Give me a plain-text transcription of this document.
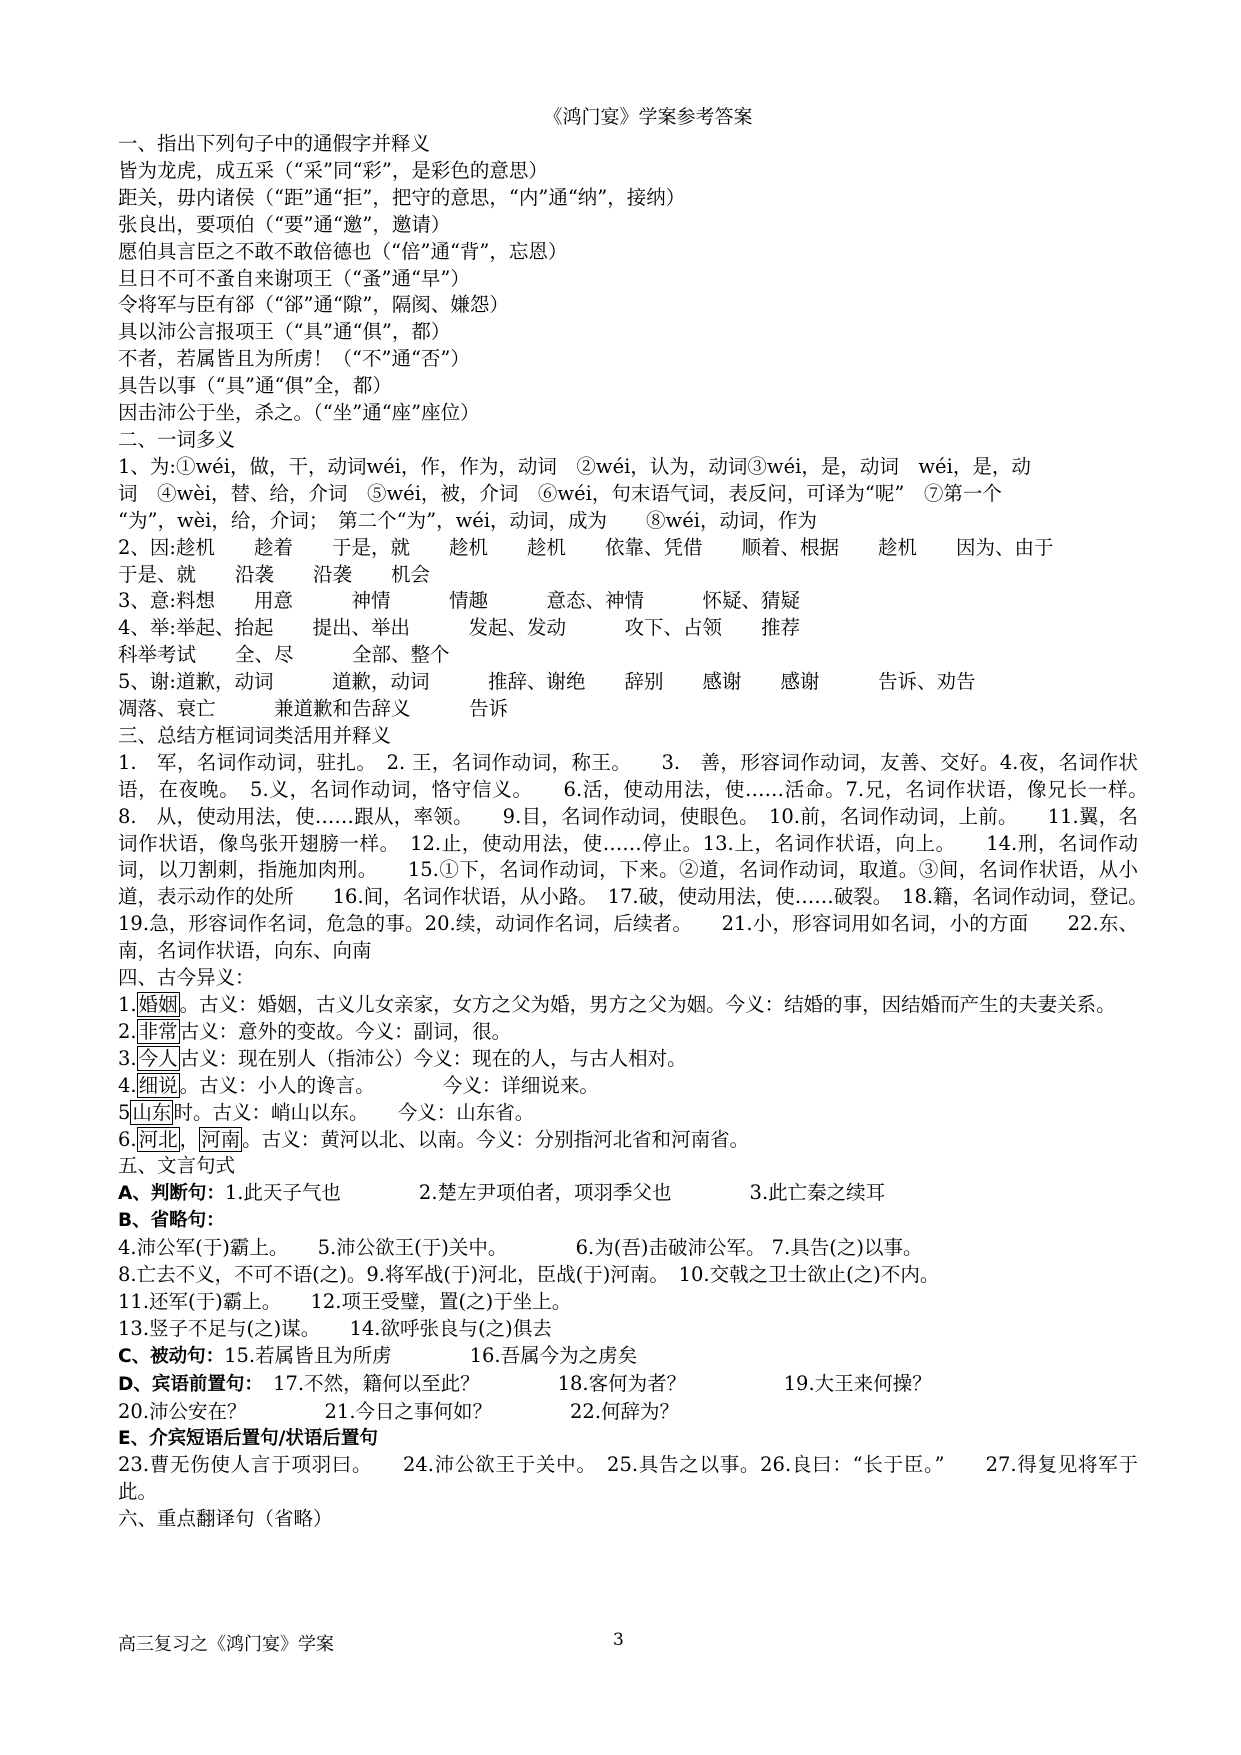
《鸿门宴》学案参考答案
一、指出下列句子中的通假字并释义
皆为龙虎，成五采（“采”同“彩”，是彩色的意思）
距关，毋内诸侯（“距”通“拒”，把守的意思，“内”通“纳”，接纳）
张良出，要项伯（“要”通“邀”，邀请）
愿伯具言臣之不敢不敢倍德也（“倍”通“背”，忘恩）
旦日不可不蚤自来谢项王（“蚤”通“早”）
令将军与臣有郤（“郤”通“隙”，隔阂、嫌怨）
具以沛公言报项王（“具”通“俱”，都）
不者，若属皆且为所虏！（“不”通“否”）
具告以事（“具”通“俱”全，都）
因击沛公于坐，杀之。（“坐”通“座”座位）
二、一词多义
1、为:①wéi，做，干，动词wéi，作，作为，动词　②wéi，认为，动词③wéi，是，动词　wéi，是，动
词　④wèi，替、给，介词　⑤wéi，被，介词　⑥wéi，句末语气词，表反问，可译为“呢”　⑦第一个
“为”，wèi，给，介词；　第二个“为”，wéi，动词，成为　　⑧wéi，动词，作为
2、因:趁机　　趁着　　于是，就　　趁机　　趁机　　依靠、凭借　　顺着、根据　　趁机　　因为、由于
于是、就　　沿袭　　沿袭　　机会
3、意:料想　　用意　　　神情　　　情趣　　　意态、神情　　　怀疑、猜疑
4、举:举起、抬起　　提出、举出　　　发起、发动　　　攻下、占领　　推荐
科举考试　　全、尽　　　全部、整个
5、谢:道歉，动词　　　道歉，动词　　　推辞、谢绝　　辞别　　感谢　　感谢　　　告诉、劝告
凋落、衰亡　　　兼道歉和告辞义　　　告诉
三、总结方框词词类活用并释义
1.　军，名词作动词，驻扎。　2. 王，名词作动词，称王。　　3.　善，形容词作动词，友善、交好。4.夜，名词作状语，在夜晚。　5.义，名词作动词，恪守信义。　　6.活，使动用法，使……活命。7.兄，名词作状语，像兄长一样。　8.　从，使动用法，使……跟从，率领。　　9.目，名词作动词，使眼色。　10.前，名词作动词，上前。　　11.翼，名词作状语，像鸟张开翅膀一样。　12.止，使动用法，使……停止。13.上，名词作状语，向上。　　14.刑，名词作动词，以刀割刺，指施加肉刑。　　15.①下，名词作动词，下来。②道，名词作动词，取道。③间，名词作状语，从小道，表示动作的处所　　16.间，名词作状语，从小路。　17.破，使动用法，使……破裂。　18.籍，名词作动词，登记。　19.急，形容词作名词，危急的事。20.续，动词作名词，后续者。　　21.小，形容词用如名词，小的方面　　22.东、南，名词作状语，向东、向南
四、古今异义：
1. 婚姻 。古义：婚姻，古义儿女亲家，女方之父为婚，男方之父为姻。今义：结婚的事，因结婚而产生的夫妻关系。
2. 非常 古义：意外的变故。今义：副词，很。
3. 今人 古义：现在别人（指沛公）今义：现在的人，与古人相对。
4. 细说 。古义：小人的谗言。　　　　今义：详细说来。
5 山东 时。古义：峭山以东。　　今义：山东省。
6. 河北 ， 河南 。古义：黄河以北、以南。今义：分别指河北省和河南省。
五、文言句式
A、判断句：1.此天子气也　　　　2.楚左尹项伯者，项羽季父也　　　　3.此亡秦之续耳
B、省略句：
4.沛公军(于)霸上。　　5.沛公欲王(于)关中。　　　　6.为(吾)击破沛公军。 7.具告(之)以事。
8.亡去不义，不可不语(之)。9.将军战(于)河北，臣战(于)河南。　10.交戟之卫士欲止(之)不内。
11.还军(于)霸上。　　12.项王受璧，置(之)于坐上。
13.竖子不足与(之)谋。　　14.欲呼张良与(之)俱去
C、被动句：15.若属皆且为所虏　　　　16.吾属今为之虏矣
D、宾语前置句：　17.不然，籍何以至此？　　　　18.客何为者？　　　　　19.大王来何操？
20.沛公安在？　　　　21.今日之事何如？　　　　22.何辞为？
E、介宾短语后置句/状语后置句
23.曹无伤使人言于项羽曰。　　24.沛公欲王于关中。　25.具告之以事。26.良曰：“长于臣。”　　27.得复见将军于此。
六、重点翻译句（省略）
高三复习之《鸿门宴》学案	3
